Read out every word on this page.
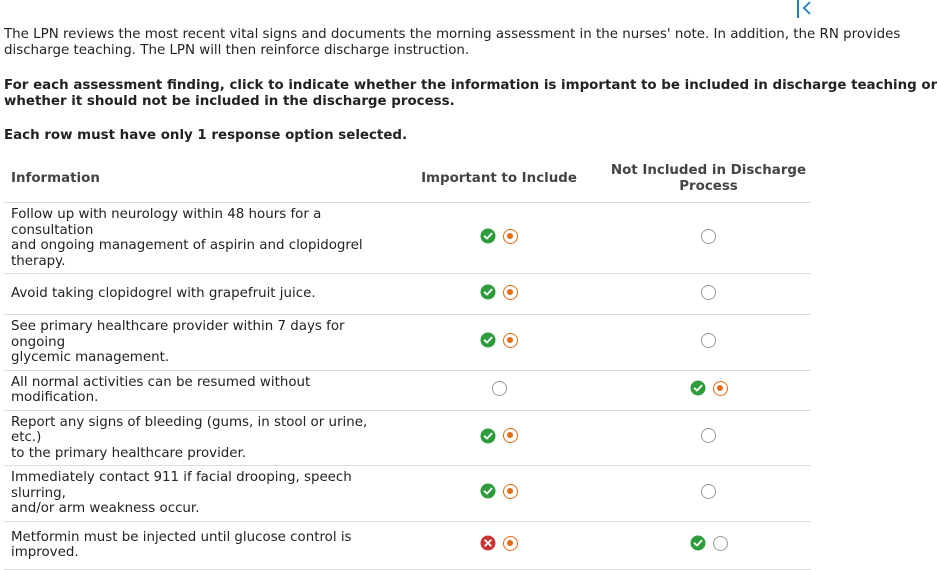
The LPN reviews the most recent vital signs and documents the morning assessment in the nurses' note. In addition, the RN provides

discharge teaching. The LPN will then reinforce discharge instruction.

For each assessment finding, click to indicate whether the information is important to be included in discharge teaching or

whether it should not be included in the discharge process.

Each row must have only 1 response option selected.

Information	Important to Include	Not Included in Discharge
Process

Follow up with neurology within 48 hours for a consultation
and ongoing management of aspirin and clopidogrel
therapy.

Avoid taking clopidogrel with grapefruit juice.

See primary healthcare provider within 7 days for ongoing
glycemic management.

All normal activities can be resumed without modification.

Report any signs of bleeding (gums, in stool or urine, etc.)
to the primary healthcare provider.

Immediately contact 911 if facial drooping, speech slurring,
and/or arm weakness occur.

Metformin must be injected until glucose control is
improved.
